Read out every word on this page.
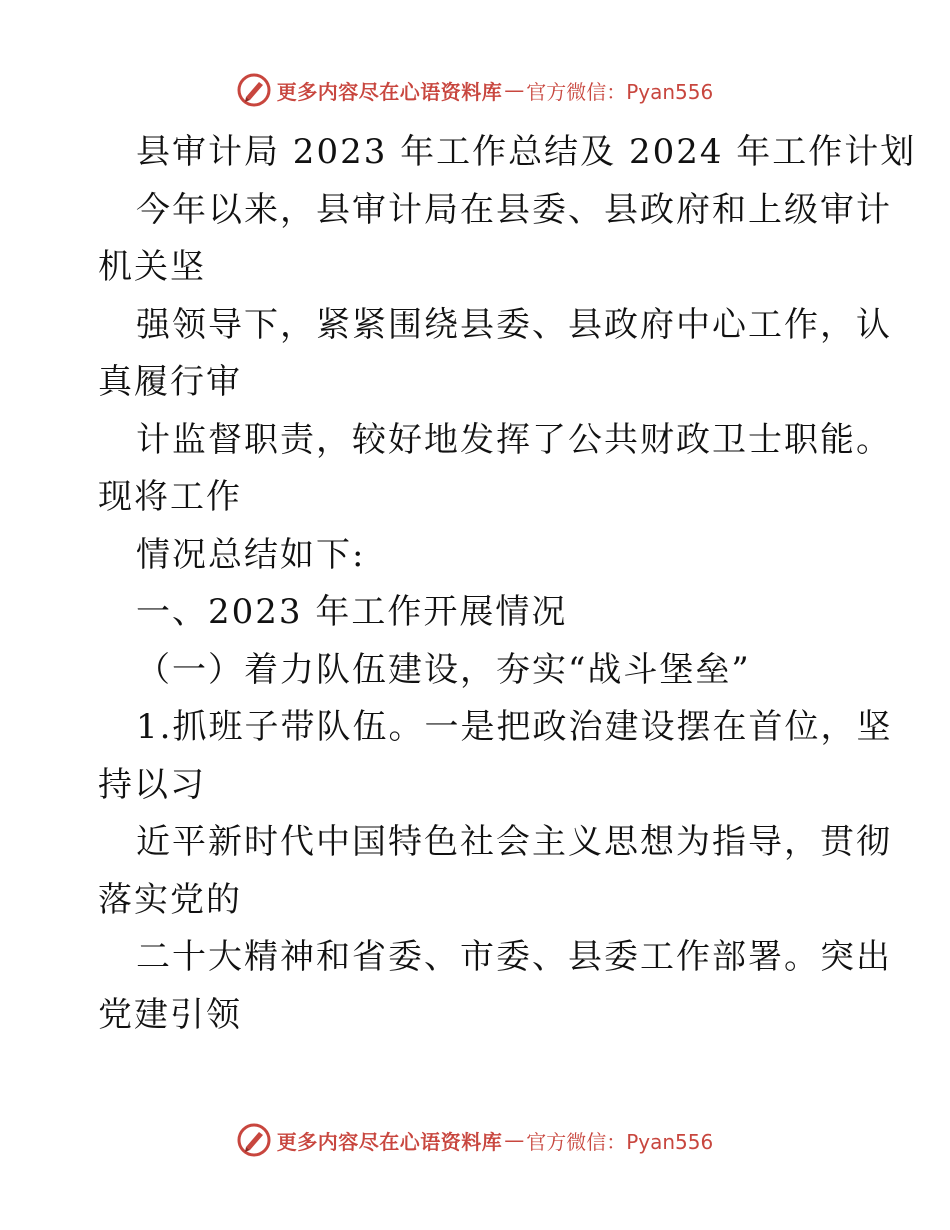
更多内容尽在心语资料库 — 官方微信：Pyan556
县审计局 2023 年工作总结及 2024 年工作计划
今年以来，县审计局在县委、县政府和上级审计
机关坚
强领导下，紧紧围绕县委、县政府中心工作，认
真履行审
计监督职责，较好地发挥了公共财政卫士职能。
现将工作
情况总结如下:
一、2023 年工作开展情况
（一）着力队伍建设，夯实“战斗堡垒”
1.抓班子带队伍。一是把政治建设摆在首位，坚
持以习
近平新时代中国特色社会主义思想为指导，贯彻
落实党的
二十大精神和省委、市委、县委工作部署。突出
党建引领
更多内容尽在心语资料库 — 官方微信：Pyan556
